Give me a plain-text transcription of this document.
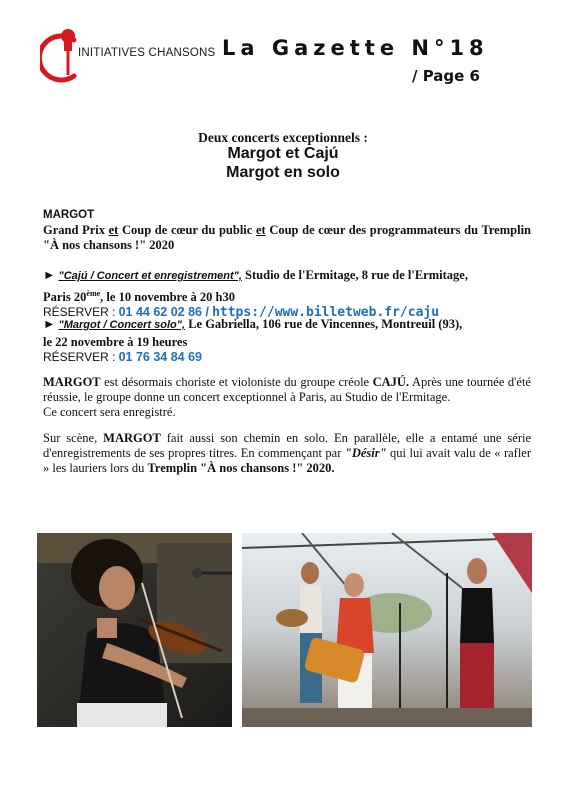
INITIATIVES CHANSONS La Gazette N°18
/ Page 6
Deux concerts exceptionnels :
Margot et Cajú
Margot en solo
MARGOT
Grand Prix et Coup de cœur du public et Coup de cœur des programmateurs du Tremplin "À nos chansons !" 2020
► "Cajú / Concert et enregistrement", Studio de l'Ermitage, 8 rue de l'Ermitage,
Paris 20ème, le 10 novembre à 20 h30
RÉSERVER : 01 44 62 02 86 / https://www.billetweb.fr/caju
► "Margot / Concert solo", Le Gabriella, 106 rue de Vincennes, Montreuil (93),
le 22 novembre à 19 heures
RÉSERVER : 01 76 34 84 69
MARGOT est désormais choriste et violoniste du groupe créole CAJÚ. Après une tournée d'été réussie, le groupe donne un concert exceptionnel à Paris, au Studio de l'Ermitage.
Ce concert sera enregistré.
Sur scène, MARGOT fait aussi son chemin en solo. En parallèle, elle a entamé une série d'enregistrements de ses propres titres. En commençant par "Désir" qui lui avait valu de « rafler » les lauriers lors du Tremplin "À nos chansons !" 2020.
